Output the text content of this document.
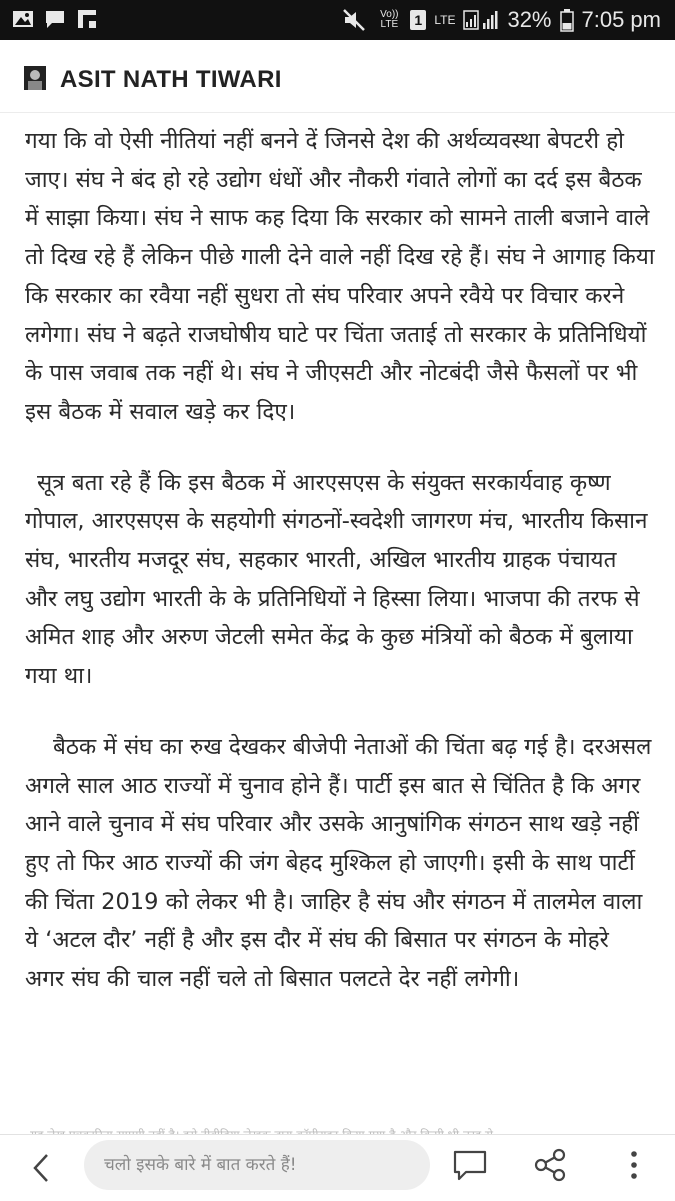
Vo)) LTE	1	LTE 32% 7:05 pm
ASIT NATH TIWARI

गया कि वो ऐसी नीतियां नहीं बनने दें जिनसे देश की अर्थव्यवस्था बेपटरी हो जाए। संघ ने बंद हो रहे उद्योग धंधों और नौकरी गंवाते लोगों का दर्द इस बैठक में साझा किया। संघ ने साफ कह दिया कि सरकार को सामने ताली बजाने वाले तो दिख रहे हैं लेकिन पीछे गाली देने वाले नहीं दिख रहे हैं। संघ ने आगाह किया कि सरकार का रवैया नहीं सुधरा तो संघ परिवार अपने रवैये पर विचार करने लगेगा। संघ ने बढ़ते राजघोषीय घाटे पर चिंता जताई तो सरकार के प्रतिनिधियों के पास जवाब तक नहीं थे। संघ ने जीएसटी और नोटबंदी जैसे फैसलों पर भी इस बैठक में सवाल खड़े कर दिए।

सूत्र बता रहे हैं कि इस बैठक में आरएसएस के संयुक्त सरकार्यवाह कृष्ण गोपाल, आरएसएस के सहयोगी संगठनों-स्वदेशी जागरण मंच, भारतीय किसान संघ, भारतीय मजदूर संघ, सहकार भारती, अखिल भारतीय ग्राहक पंचायत और लघु उद्योग भारती के के प्रतिनिधियों ने हिस्सा लिया। भाजपा की तरफ से अमित शाह और अरुण जेटली समेत केंद्र के कुछ मंत्रियों को बैठक में बुलाया गया था।

बैठक में संघ का रुख देखकर बीजेपी नेताओं की चिंता बढ़ गई है। दरअसल अगले साल आठ राज्यों में चुनाव होने हैं। पार्टी इस बात से चिंतित है कि अगर आने वाले चुनाव में संघ परिवार और उसके आनुषांगिक संगठन साथ खड़े नहीं हुए तो फिर आठ राज्यों की जंग बेहद मुश्किल हो जाएगी। इसी के साथ पार्टी की चिंता 2019 को लेकर भी है। जाहिर है संघ और संगठन में तालमेल वाला ये ‘अटल दौर’ नहीं है और इस दौर में संघ की बिसात पर संगठन के मोहरे अगर संघ की चाल नहीं चले तो बिसात पलटते देर नहीं लगेगी।

चलो इसके बारे में बात करते हैं!
